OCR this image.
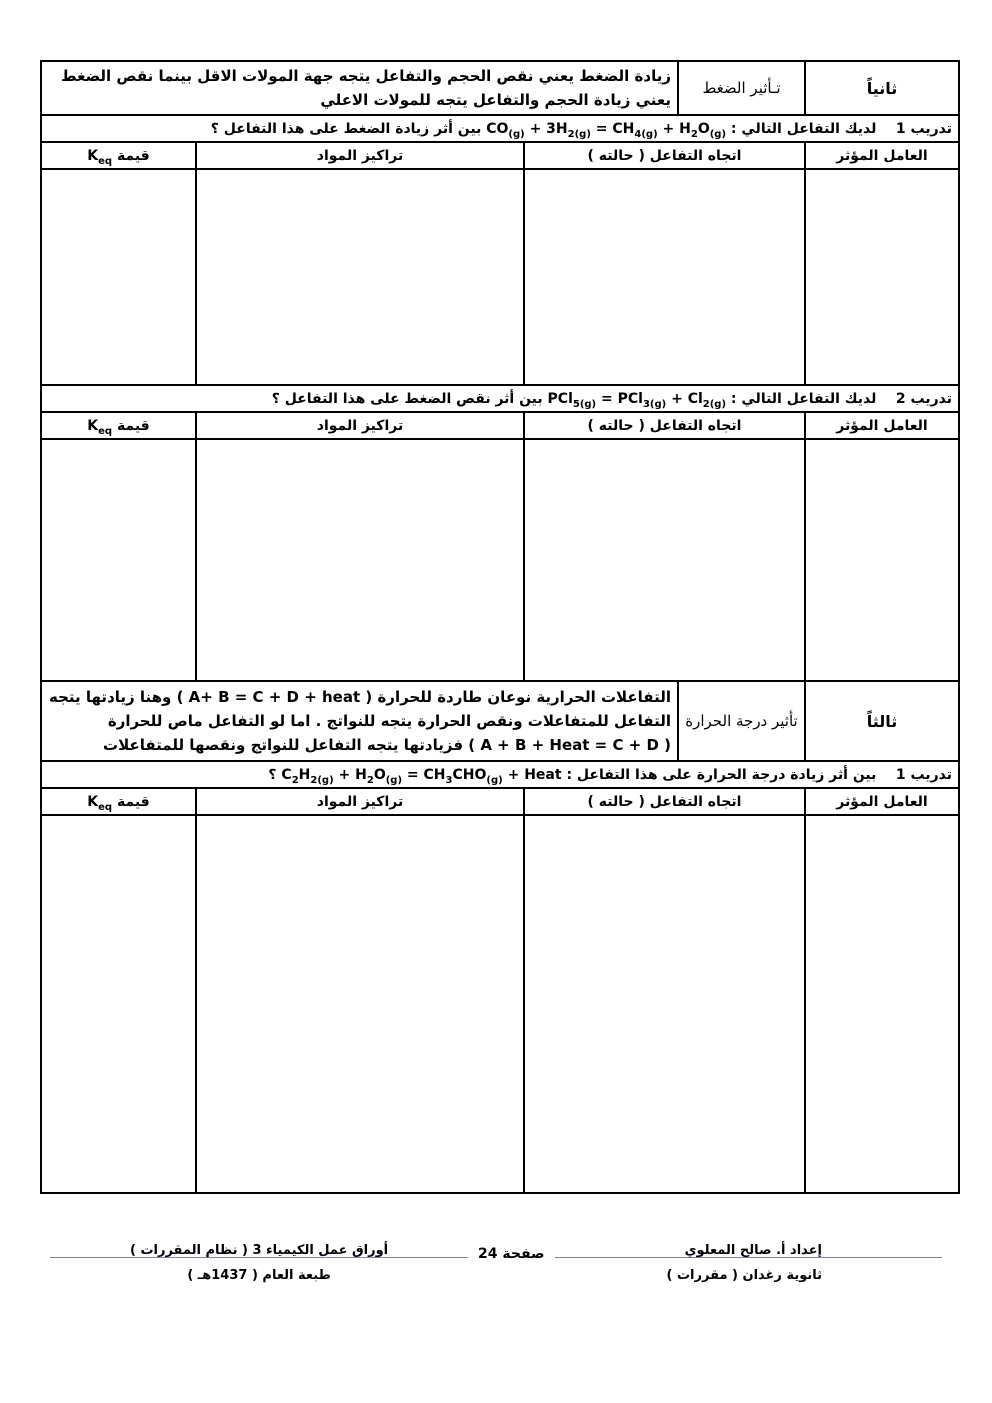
ثانياً	تـأثير الضغط	زيادة الضغط يعني نقص الحجم والتفاعل يتجه جهة المولات الاقل بينما نقص الضغط يعني زيادة الحجم والتفاعل يتجه للمولات الاعلي		
تدريب 1    لديك التفاعل التالي : $CO_{(g)} + 3H_{2(g)} = CH_{4(g)} + H_2O_{(g)}$ بين أثر زيادة الضغط على هذا التفاعل ؟				
العامل المؤثر	اتجاه التفاعل ( حالته )		تراكيز المواد	قيمة $K_{eq}$

تدريب 2    لديك التفاعل التالي : $PCl_{5(g)} = PCl_{3(g)} + Cl_{2(g)}$ بين أثر نقص الضغط على هذا التفاعل ؟				
العامل المؤثر	اتجاه التفاعل ( حالته )		تراكيز المواد	قيمة $K_{eq}$

ثالثاً	تأثير درجة الحرارة	التفاعلات الحرارية نوعان طاردة للحرارة ( A+ B = C + D + heat ) وهنا زيادتها يتجه
التفاعل للمتفاعلات ونقص الحرارة يتجه للنواتج . اما لو التفاعل ماص للحرارة
( A + B + Heat = C + D ) فزيادتها يتجه التفاعل للنواتج ونقصها للمتفاعلات		

تدريب 1    بين أثر زيادة درجة الحرارة على هذا التفاعل : $C_2H_{2(g)} + H_2O_{(g)} = CH_3CHO_{(g)}$ + Heat ؟				
العامل المؤثر	اتجاه التفاعل ( حالته )		تراكيز المواد	قيمة $K_{eq}$

إعداد أ. صالح المعلوي
ثانوية رغدان ( مقررات )
صفحة 24
أوراق عمل الكيمياء 3 ( نظام المقررات )
طبعة العام ( 1437هـ )
